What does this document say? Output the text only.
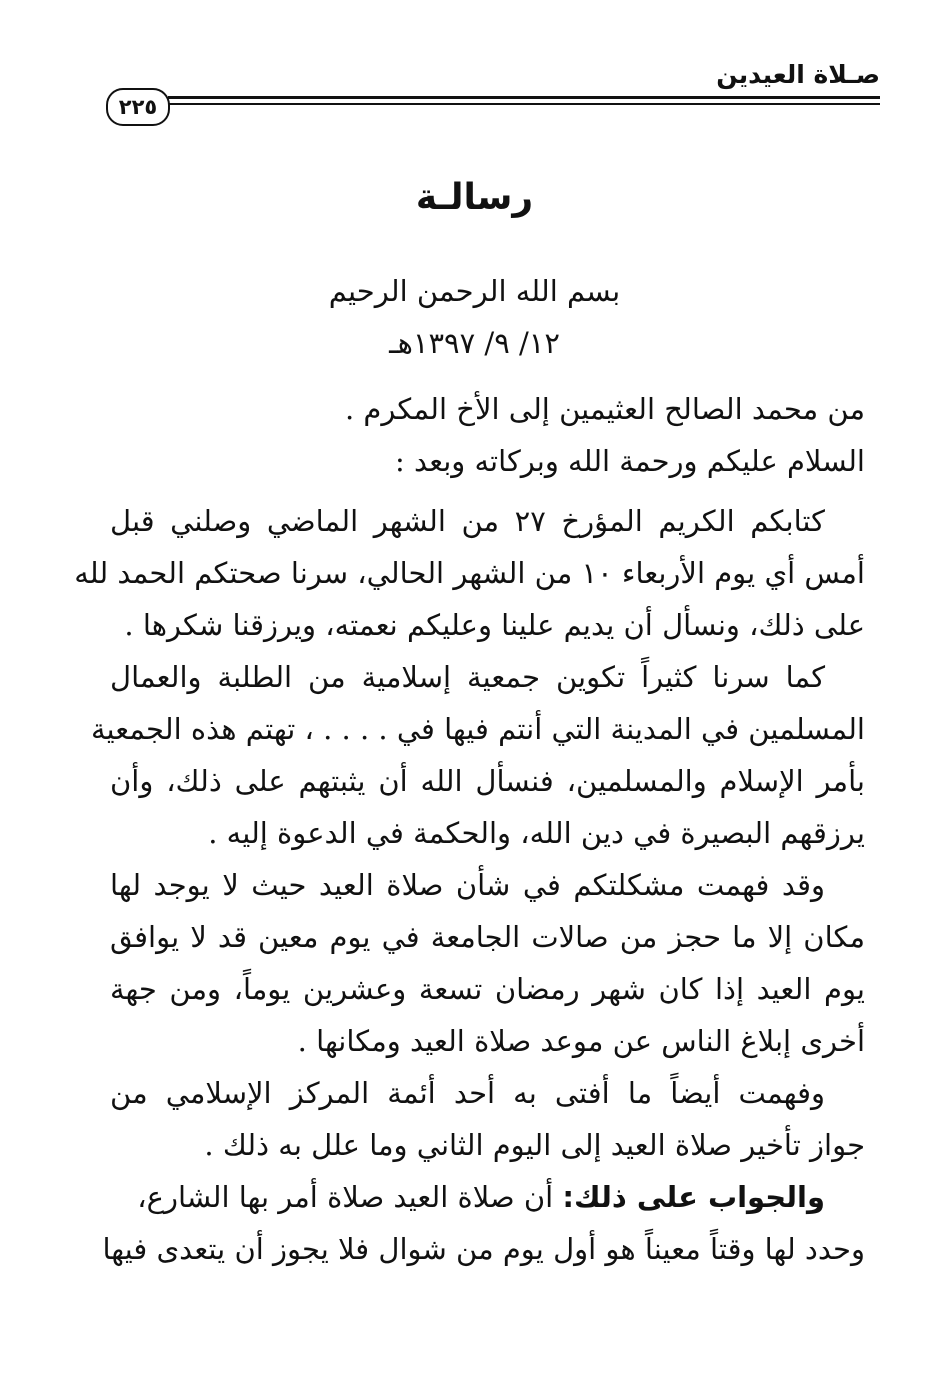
صـلاة العيدين
٢٢٥
رسالـة
بسم الله الرحمن الرحيم
١٢/ ٩/ ١٣٩٧هـ
من محمد الصالح العثيمين إلى الأخ المكرم .
السلام عليكم ورحمة الله وبركاته وبعد :
كتابكم الكريم المؤرخ ٢٧ من الشهر الماضي وصلني قبل
أمس أي يوم الأربعاء ١٠ من الشهر الحالي، سرنا صحتكم الحمد لله
على ذلك، ونسأل أن يديم علينا وعليكم نعمته، ويرزقنا شكرها .
كما سرنا كثيراً تكوين جمعية إسلامية من الطلبة والعمال
المسلمين في المدينة التي أنتم فيها في . . . . ، تهتم هذه الجمعية
بأمر الإسلام والمسلمين، فنسأل الله أن يثبتهم على ذلك، وأن
يرزقهم البصيرة في دين الله، والحكمة في الدعوة إليه .
وقد فهمت مشكلتكم في شأن صلاة العيد حيث لا يوجد لها
مكان إلا ما حجز من صالات الجامعة في يوم معين قد لا يوافق
يوم العيد إذا كان شهر رمضان تسعة وعشرين يوماً، ومن جهة
أخرى إبلاغ الناس عن موعد صلاة العيد ومكانها .
وفهمت أيضاً ما أفتى به أحد أئمة المركز الإسلامي من
جواز تأخير صلاة العيد إلى اليوم الثاني وما علل به ذلك .
والجواب على ذلك: أن صلاة العيد صلاة أمر بها الشارع،
وحدد لها وقتاً معيناً هو أول يوم من شوال فلا يجوز أن يتعدى فيها
